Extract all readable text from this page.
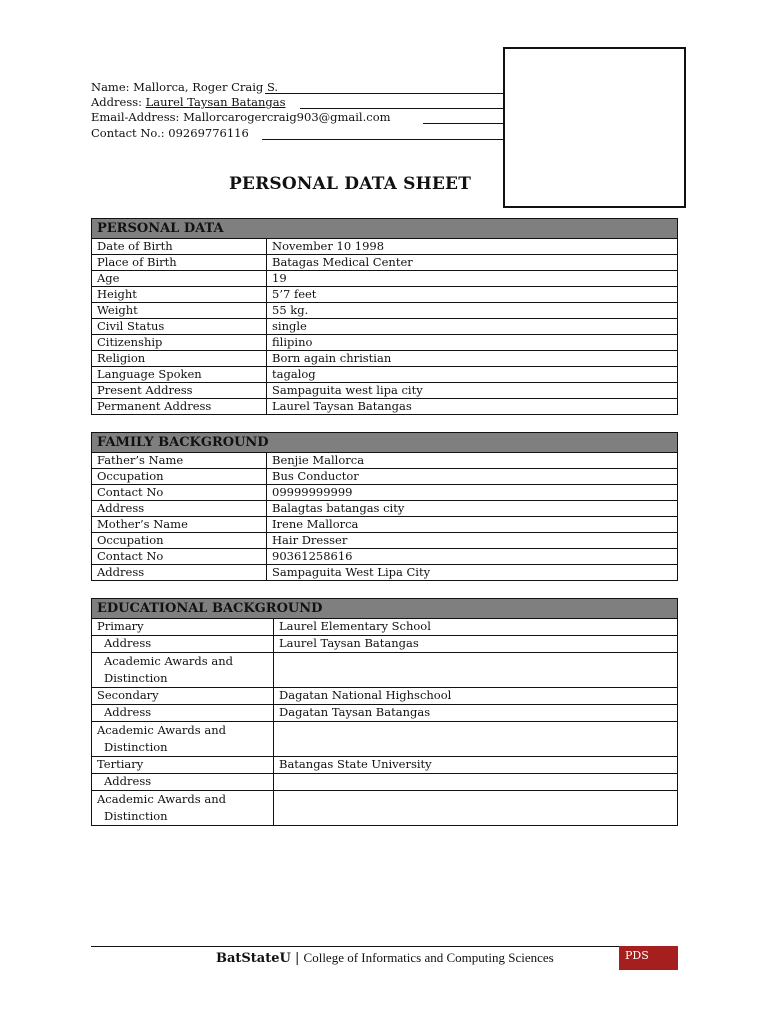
Name: Mallorca, Roger Craig S.
Address: Laurel Taysan Batangas
Email-Address: Mallorcarogercraig903@gmail.com
Contact No.: 09269776116
PERSONAL DATA SHEET
PERSONAL DATA	
Date of Birth	November 10 1998
Place of Birth	Batagas Medical Center
Age	19
Height	5’7 feet
Weight	55 kg.
Civil Status	single
Citizenship	filipino
Religion	Born again christian
Language Spoken	tagalog
Present Address	Sampaguita west lipa city
Permanent Address	Laurel Taysan Batangas
FAMILY BACKGROUND	
Father’s Name	Benjie Mallorca
Occupation	Bus Conductor
Contact No	09999999999
Address	Balagtas batangas city
Mother’s Name	Irene Mallorca
Occupation	Hair Dresser
Contact No	90361258616
Address	Sampaguita West Lipa City
EDUCATIONAL BACKGROUND	
Primary	Laurel Elementary School
Address	Laurel Taysan Batangas
Academic Awards and
Distinction	
Secondary	Dagatan National Highschool
Address	Dagatan Taysan Batangas
Academic Awards and
Distinction	
Tertiary	Batangas State University
Address	
Academic Awards and
Distinction	
BatStateU | College of Informatics and Computing Sciences	PDS
